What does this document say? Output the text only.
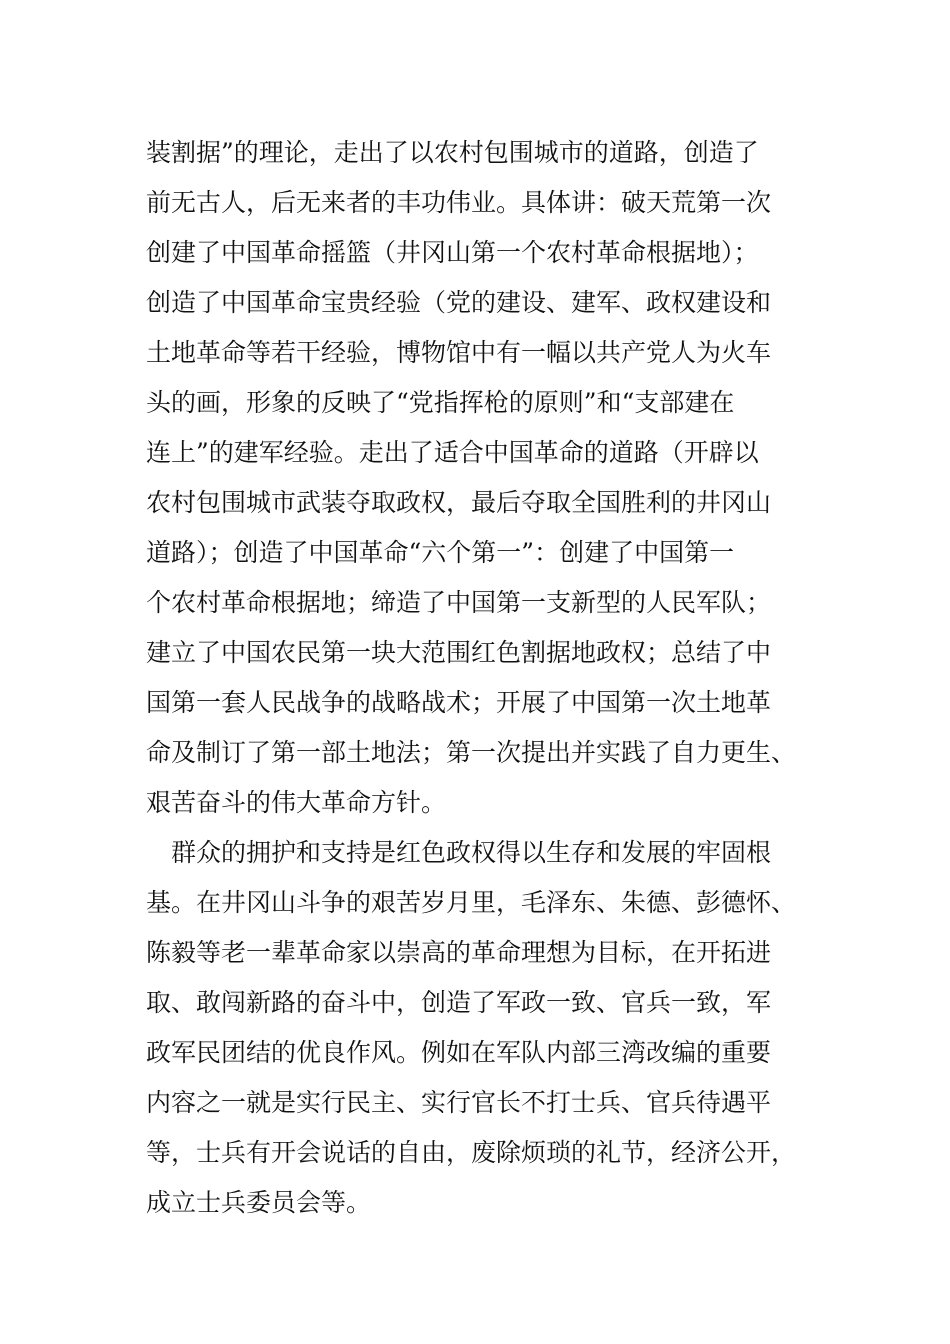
装割据”的理论，走出了以农村包围城市的道路，创造了
前无古人，后无来者的丰功伟业。具体讲：破天荒第一次
创建了中国革命摇篮（井冈山第一个农村革命根据地）；
创造了中国革命宝贵经验（党的建设、建军、政权建设和
土地革命等若干经验，博物馆中有一幅以共产党人为火车
头的画，形象的反映了“党指挥枪的原则”和“支部建在
连上”的建军经验。走出了适合中国革命的道路（开辟以
农村包围城市武装夺取政权，最后夺取全国胜利的井冈山
道路）；创造了中国革命“六个第一”：创建了中国第一
个农村革命根据地；缔造了中国第一支新型的人民军队；
建立了中国农民第一块大范围红色割据地政权；总结了中
国第一套人民战争的战略战术；开展了中国第一次土地革
命及制订了第一部土地法；第一次提出并实践了自力更生、
艰苦奋斗的伟大革命方针。
群众的拥护和支持是红色政权得以生存和发展的牢固根
基。在井冈山斗争的艰苦岁月里，毛泽东、朱德、彭德怀、
陈毅等老一辈革命家以崇高的革命理想为目标，在开拓进
取、敢闯新路的奋斗中，创造了军政一致、官兵一致，军
政军民团结的优良作风。例如在军队内部三湾改编的重要
内容之一就是实行民主、实行官长不打士兵、官兵待遇平
等，士兵有开会说话的自由，废除烦琐的礼节，经济公开，
成立士兵委员会等。
